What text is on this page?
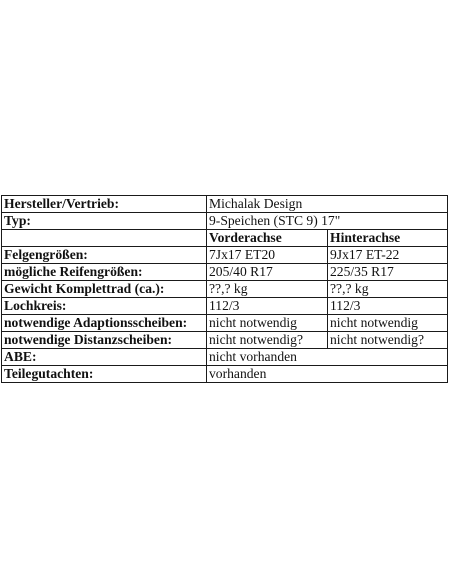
Hersteller/Vertrieb:	Michalak Design	
Typ:	9-Speichen (STC 9) 17"	
	Vorderachse	Hinterachse
Felgengrößen:	7Jx17 ET20	9Jx17 ET-22
mögliche Reifengrößen:	205/40 R17	225/35 R17
Gewicht Komplettrad (ca.):	??,? kg	??,? kg
Lochkreis:	112/3	112/3
notwendige Adaptionsscheiben:	nicht notwendig	nicht notwendig
notwendige Distanzscheiben:	nicht notwendig?	nicht notwendig?
ABE:	nicht vorhanden	
Teilegutachten:	vorhanden	
